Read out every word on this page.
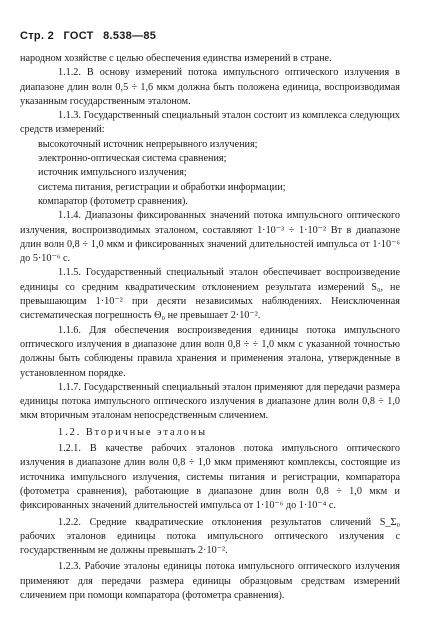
Стр. 2 ГОСТ 8.538—85

народном хозяйстве с целью обеспечения единства измерений в стране.

1.1.2. В основу измерений потока импульсного оптического излучения в диапазоне длин волн 0,5 ÷ 1,6 мкм должна быть положена единица, воспроизводимая указанным государственным эталоном.

1.1.3. Государственный специальный эталон состоит из комплекса следующих средств измерений:

высокоточный источник непрерывного излучения;

электронно-оптическая система сравнения;

источник импульсного излучения;

система питания, регистрации и обработки информации;

компаратор (фотометр сравнения).

1.1.4. Диапазоны фиксированных значений потока импульсного оптического излучения, воспроизводимых эталоном, составляют 1·10⁻³ ÷ 1·10⁻² Вт в диапазоне длин волн 0,8 ÷ 1,0 мкм и фиксированных значений длительностей импульса от 1·10⁻⁶ до 5·10⁻⁶ с.

1.1.5. Государственный специальный эталон обеспечивает воспроизведение единицы со средним квадратическим отклонением результата измерений S₀, не превышающим 1·10⁻² при десяти независимых наблюдениях. Неисключенная систематическая погрешность Θ₀ не превышает 2·10⁻².

1.1.6. Для обеспечения воспроизведения единицы потока импульсного оптического излучения в диапазоне длин волн 0,8 ÷ ÷ 1,0 мкм с указанной точностью должны быть соблюдены правила хранения и применения эталона, утвержденные в установленном порядке.

1.1.7. Государственный специальный эталон применяют для передачи размера единицы потока импульсного оптического излучения в диапазоне длин волн 0,8 ÷ 1,0 мкм вторичным эталонам непосредственным сличением.

1.2. Вторичные эталоны

1.2.1. В качестве рабочих эталонов потока импульсного оптического излучения в диапазоне длин волн 0,8 ÷ 1,0 мкм применяют комплексы, состоящие из источника импульсного излучения, системы питания и регистрации, компаратора (фотометра сравнения), работающие в диапазоне длин волн 0,8 ÷ 1,0 мкм и фиксированных значений длительностей импульса от 1·10⁻⁶ до 1·10⁻⁴ с.

1.2.2. Средние квадратические отклонения результатов сличений S_Σ₀ рабочих эталонов единицы потока импульсного оптического излучения с государственным не должны превышать 2·10⁻².

1.2.3. Рабочие эталоны единицы потока импульсного оптического излучения применяют для передачи размера единицы образцовым средствам измерений сличением при помощи компаратора (фотометра сравнения).
